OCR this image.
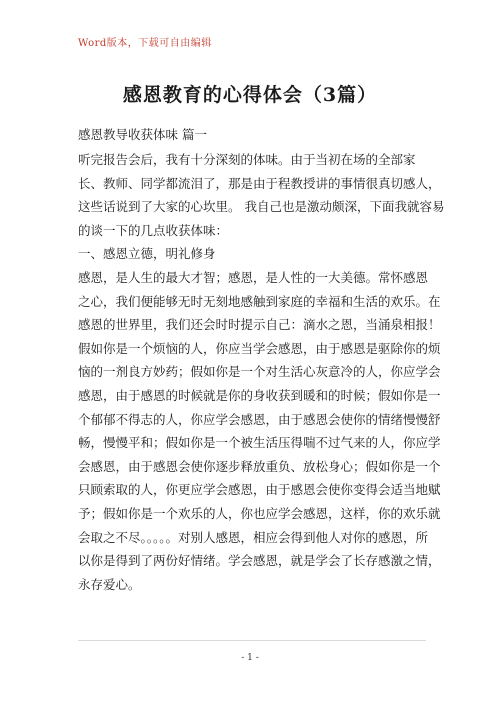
Word版本，下载可自由编辑
感恩教育的心得体会（3篇）
感恩教导收获体味 篇一
听完报告会后，我有十分深刻的体味。由于当初在场的全部家
长、教师、同学都流泪了，那是由于程教授讲的事情很真切感人，
这些话说到了大家的心坎里。 我自己也是激动颇深，下面我就容易
的谈一下的几点收获体味：
一、感恩立德，明礼修身
感恩，是人生的最大才智；感恩，是人性的一大美德。常怀感恩
之心，我们便能够无时无刻地感触到家庭的幸福和生活的欢乐。在
感恩的世界里，我们还会时时提示自己：滴水之恩，当涌泉相报！
假如你是一个烦恼的人，你应当学会感恩，由于感恩是驱除你的烦
恼的一剂良方妙药；假如你是一个对生活心灰意冷的人，你应学会
感恩，由于感恩的时候就是你的身收获到暖和的时候；假如你是一
个郁郁不得志的人，你应学会感恩，由于感恩会使你的情绪慢慢舒
畅，慢慢平和；假如你是一个被生活压得喘不过气来的人，你应学
会感恩，由于感恩会使你逐步释放重负、放松身心；假如你是一个
只顾索取的人，你更应学会感恩，由于感恩会使你变得会适当地赋
予；假如你是一个欢乐的人，你也应学会感恩，这样，你的欢乐就
会取之不尽。。。。。对别人感恩，相应会得到他人对你的感恩，所
以你是得到了两份好情绪。学会感恩，就是学会了长存感激之情，
永存爱心。
- 1 -
